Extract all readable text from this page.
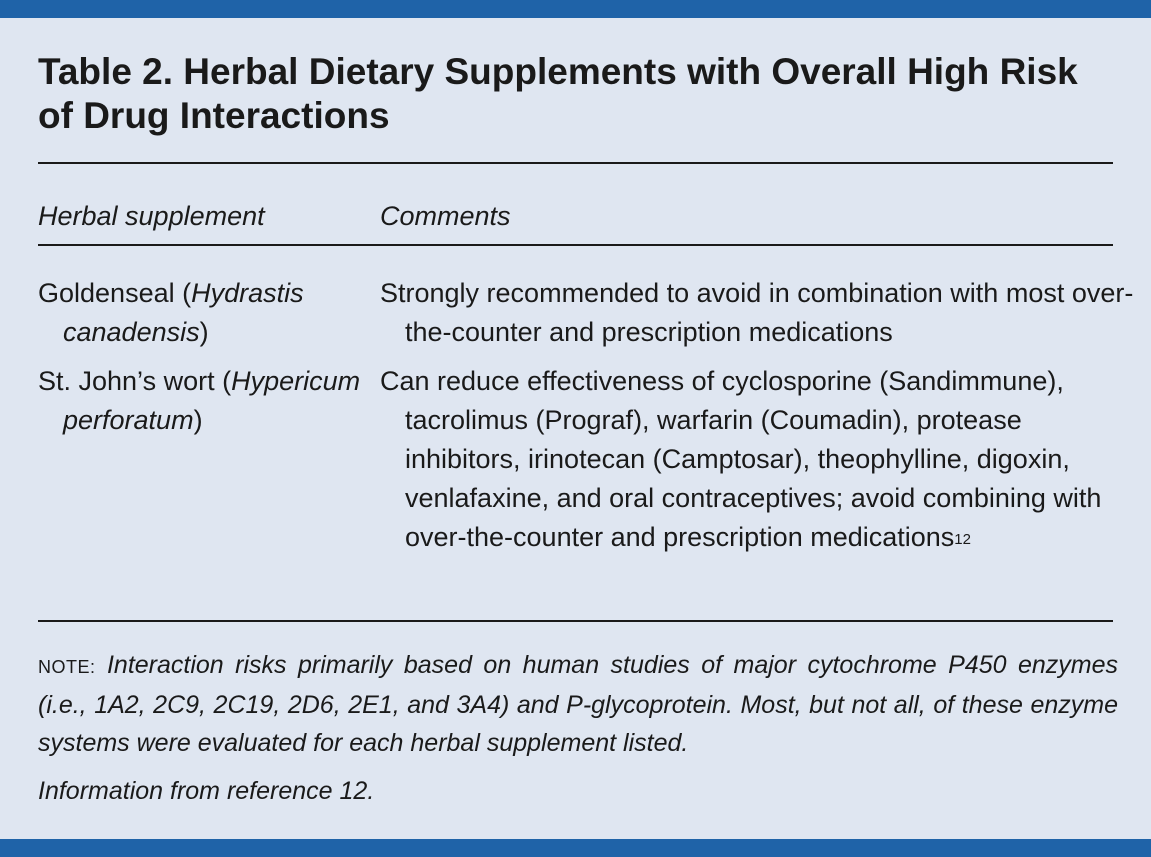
Table 2. Herbal Dietary Supplements with Overall High Risk of Drug Interactions
Herbal supplement	Comments
Goldenseal (Hydrastis canadensis)
Strongly recommended to avoid in combination with most over-the-counter and prescription medications
St. John’s wort (Hypericum perforatum)
Can reduce effectiveness of cyclosporine (Sandimmune), tacrolimus (Prograf), warfarin (Coumadin), protease inhibitors, irinotecan (Camptosar), theophylline, digoxin, venlafaxine, and oral contraceptives; avoid combining with over-the-counter and prescription medications$^{12}$
NOTE: Interaction risks primarily based on human studies of major cytochrome P450 enzymes (i.e., 1A2, 2C9, 2C19, 2D6, 2E1, and 3A4) and P-glycoprotein. Most, but not all, of these enzyme systems were evaluated for each herbal supplement listed.
Information from reference 12.
